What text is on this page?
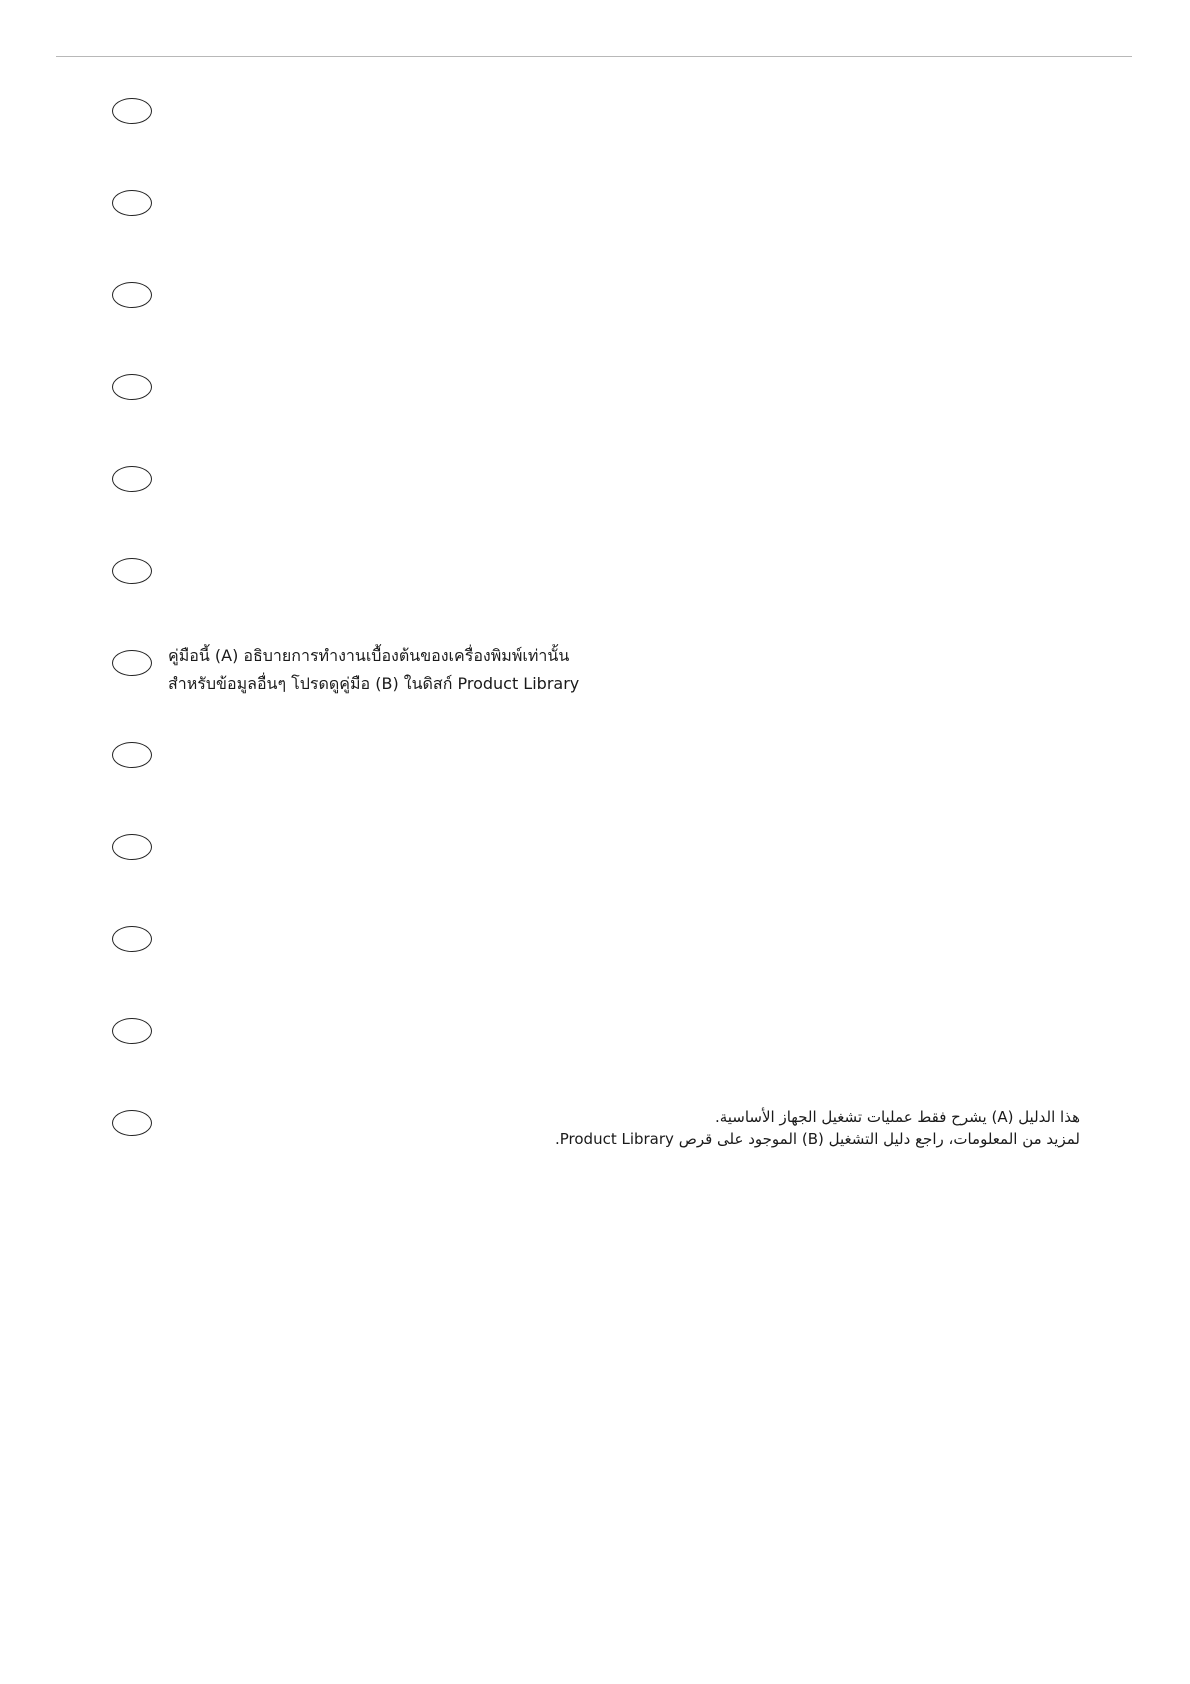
คู่มือนี้ (A) อธิบายการทำงานเบื้องต้นของเครื่องพิมพ์เท่านั้น
สำหรับข้อมูลอื่นๆ โปรดดูคู่มือ (B) ในดิสก์ Product Library
هذا الدليل (A) يشرح فقط عمليات تشغيل الجهاز الأساسية.
لمزيد من المعلومات، راجع دليل التشغيل (B) الموجود على قرص Product Library.
